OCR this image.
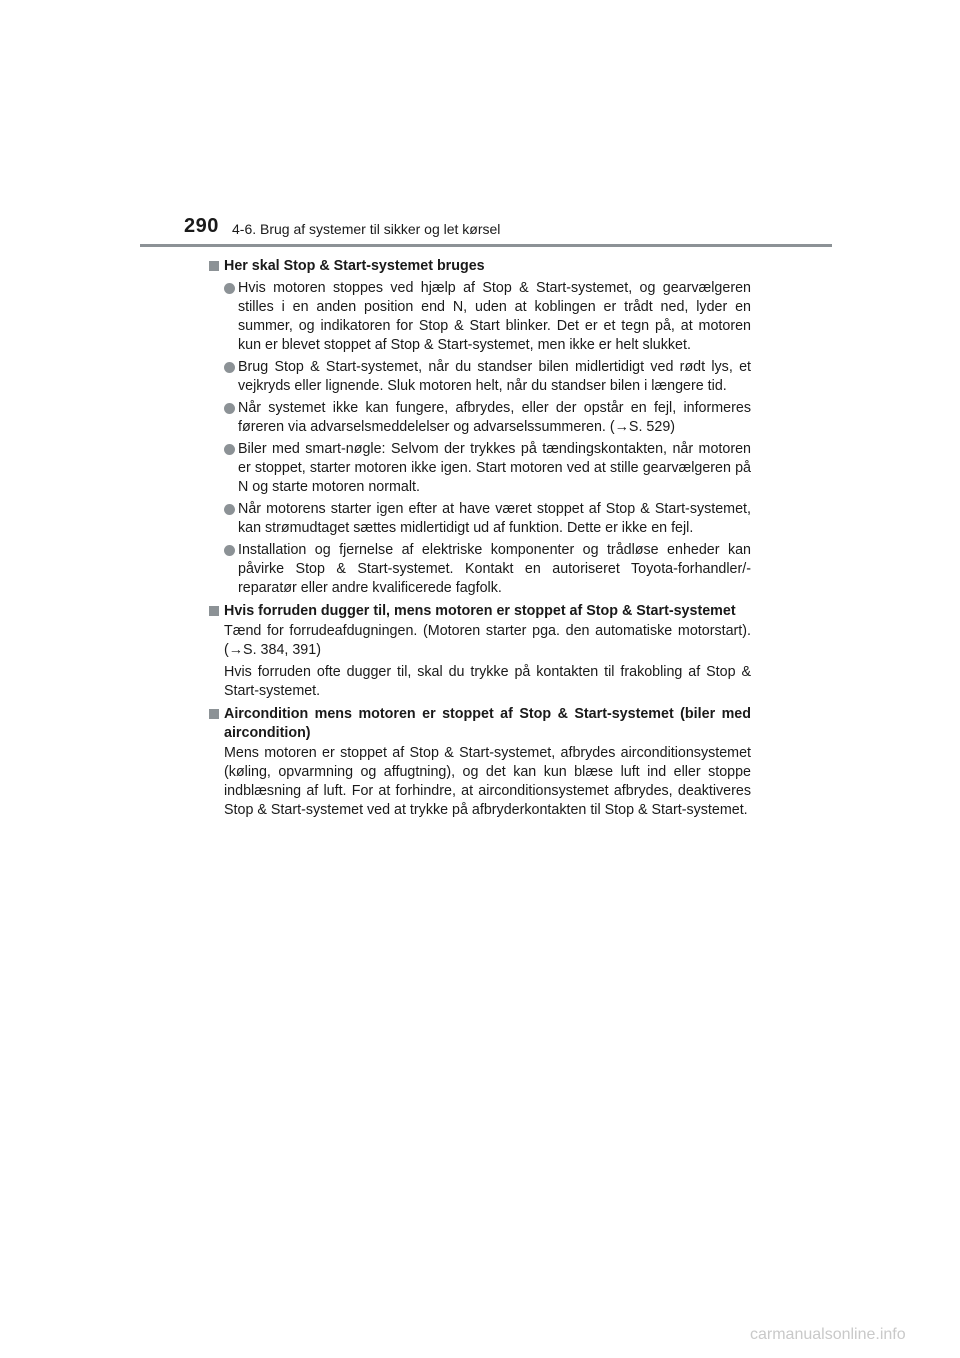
290 4-6. Brug af systemer til sikker og let kørsel
Her skal Stop & Start-systemet bruges
Hvis motoren stoppes ved hjælp af Stop & Start-systemet, og gearvælgeren stilles i en anden position end N, uden at koblingen er trådt ned, lyder en summer, og indikatoren for Stop & Start blinker. Det er et tegn på, at motoren kun er blevet stoppet af Stop & Start-systemet, men ikke er helt slukket.
Brug Stop & Start-systemet, når du standser bilen midlertidigt ved rødt lys, et vejkryds eller lignende. Sluk motoren helt, når du standser bilen i længere tid.
Når systemet ikke kan fungere, afbrydes, eller der opstår en fejl, informeres føreren via advarselsmeddelelser og advarselssummeren. (→S. 529)
Biler med smart-nøgle: Selvom der trykkes på tændingskontakten, når motoren er stoppet, starter motoren ikke igen. Start motoren ved at stille gearvælgeren på N og starte motoren normalt.
Når motorens starter igen efter at have været stoppet af Stop & Start-systemet, kan strømudtaget sættes midlertidigt ud af funktion. Dette er ikke en fejl.
Installation og fjernelse af elektriske komponenter og trådløse enheder kan påvirke Stop & Start-systemet. Kontakt en autoriseret Toyota-forhandler/-reparatør eller andre kvalificerede fagfolk.
Hvis forruden dugger til, mens motoren er stoppet af Stop & Start-systemet
Tænd for forrudeafdugningen. (Motoren starter pga. den automatiske motorstart). (→S. 384, 391)
Hvis forruden ofte dugger til, skal du trykke på kontakten til frakobling af Stop & Start-systemet.
Aircondition mens motoren er stoppet af Stop & Start-systemet (biler med aircondition)
Mens motoren er stoppet af Stop & Start-systemet, afbrydes airconditionsystemet (køling, opvarmning og affugtning), og det kan kun blæse luft ind eller stoppe indblæsning af luft. For at forhindre, at airconditionsystemet afbrydes, deaktiveres Stop & Start-systemet ved at trykke på afbryderkontakten til Stop & Start-systemet.
carmanualsonline.info
